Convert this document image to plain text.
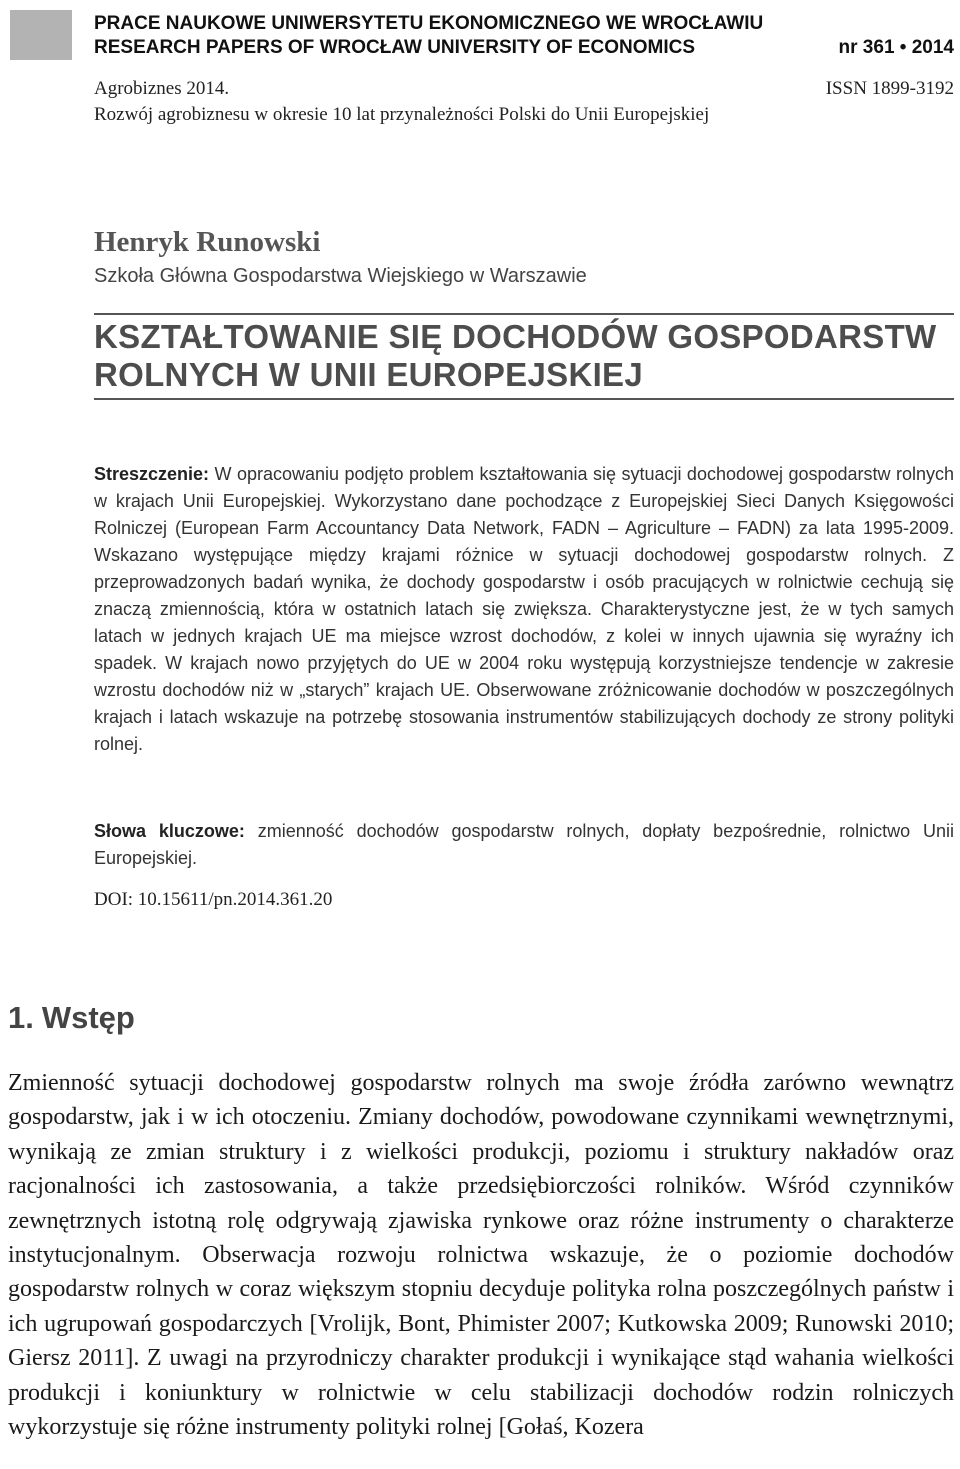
PRACE NAUKOWE UNIWERSYTETU EKONOMICZNEGO WE WROCŁAWIU
RESEARCH PAPERS OF WROCŁAW UNIVERSITY OF ECONOMICS	nr 361 • 2014
Agrobiznes 2014.	ISSN 1899-3192
Rozwój agrobiznesu w okresie 10 lat przynależności Polski do Unii Europejskiej
Henryk Runowski
Szkoła Główna Gospodarstwa Wiejskiego w Warszawie
KSZTAŁTOWANIE SIĘ DOCHODÓW GOSPODARSTW
ROLNYCH W UNII EUROPEJSKIEJ

Streszczenie: W opracowaniu podjęto problem kształtowania się sytuacji dochodowej gospodarstw rolnych w krajach Unii Europejskiej. Wykorzystano dane pochodzące z Europejskiej Sieci Danych Księgowości Rolniczej (European Farm Accountancy Data Network, FADN – Agriculture – FADN) za lata 1995-2009. Wskazano występujące między krajami różnice w sytuacji dochodowej gospodarstw rolnych. Z przeprowadzonych badań wynika, że dochody gospodarstw i osób pracujących w rolnictwie cechują się znaczą zmiennością, która w ostatnich latach się zwiększa. Charakterystyczne jest, że w tych samych latach w jednych krajach UE ma miejsce wzrost dochodów, z kolei w innych ujawnia się wyraźny ich spadek. W krajach nowo przyjętych do UE w 2004 roku występują korzystniejsze tendencje w zakresie wzrostu dochodów niż w „starych” krajach UE. Obserwowane zróżnicowanie dochodów w poszczególnych krajach i latach wskazuje na potrzebę stosowania instrumentów stabilizujących dochody ze strony polityki rolnej.

Słowa kluczowe: zmienność dochodów gospodarstw rolnych, dopłaty bezpośrednie, rolnictwo Unii Europejskiej.

DOI: 10.15611/pn.2014.361.20
1. Wstęp

Zmienność sytuacji dochodowej gospodarstw rolnych ma swoje źródła zarówno wewnątrz gospodarstw, jak i w ich otoczeniu. Zmiany dochodów, powodowane czynnikami wewnętrznymi, wynikają ze zmian struktury i z wielkości produkcji, poziomu i struktury nakładów oraz racjonalności ich zastosowania, a także przedsiębiorczości rolników. Wśród czynników zewnętrznych istotną rolę odgrywają zjawiska rynkowe oraz różne instrumenty o charakterze instytucjonalnym. Obserwacja rozwoju rolnictwa wskazuje, że o poziomie dochodów gospodarstw rolnych w coraz większym stopniu decyduje polityka rolna poszczególnych państw i ich ugrupowań gospodarczych [Vrolijk, Bont, Phimister 2007; Kutkowska 2009; Runowski 2010; Giersz 2011]. Z uwagi na przyrodniczy charakter produkcji i wynikające stąd wahania wielkości produkcji i koniunktury w rolnictwie w celu stabilizacji dochodów rodzin rolniczych wykorzystuje się różne instrumenty polityki rolnej [Gołaś, Kozera
